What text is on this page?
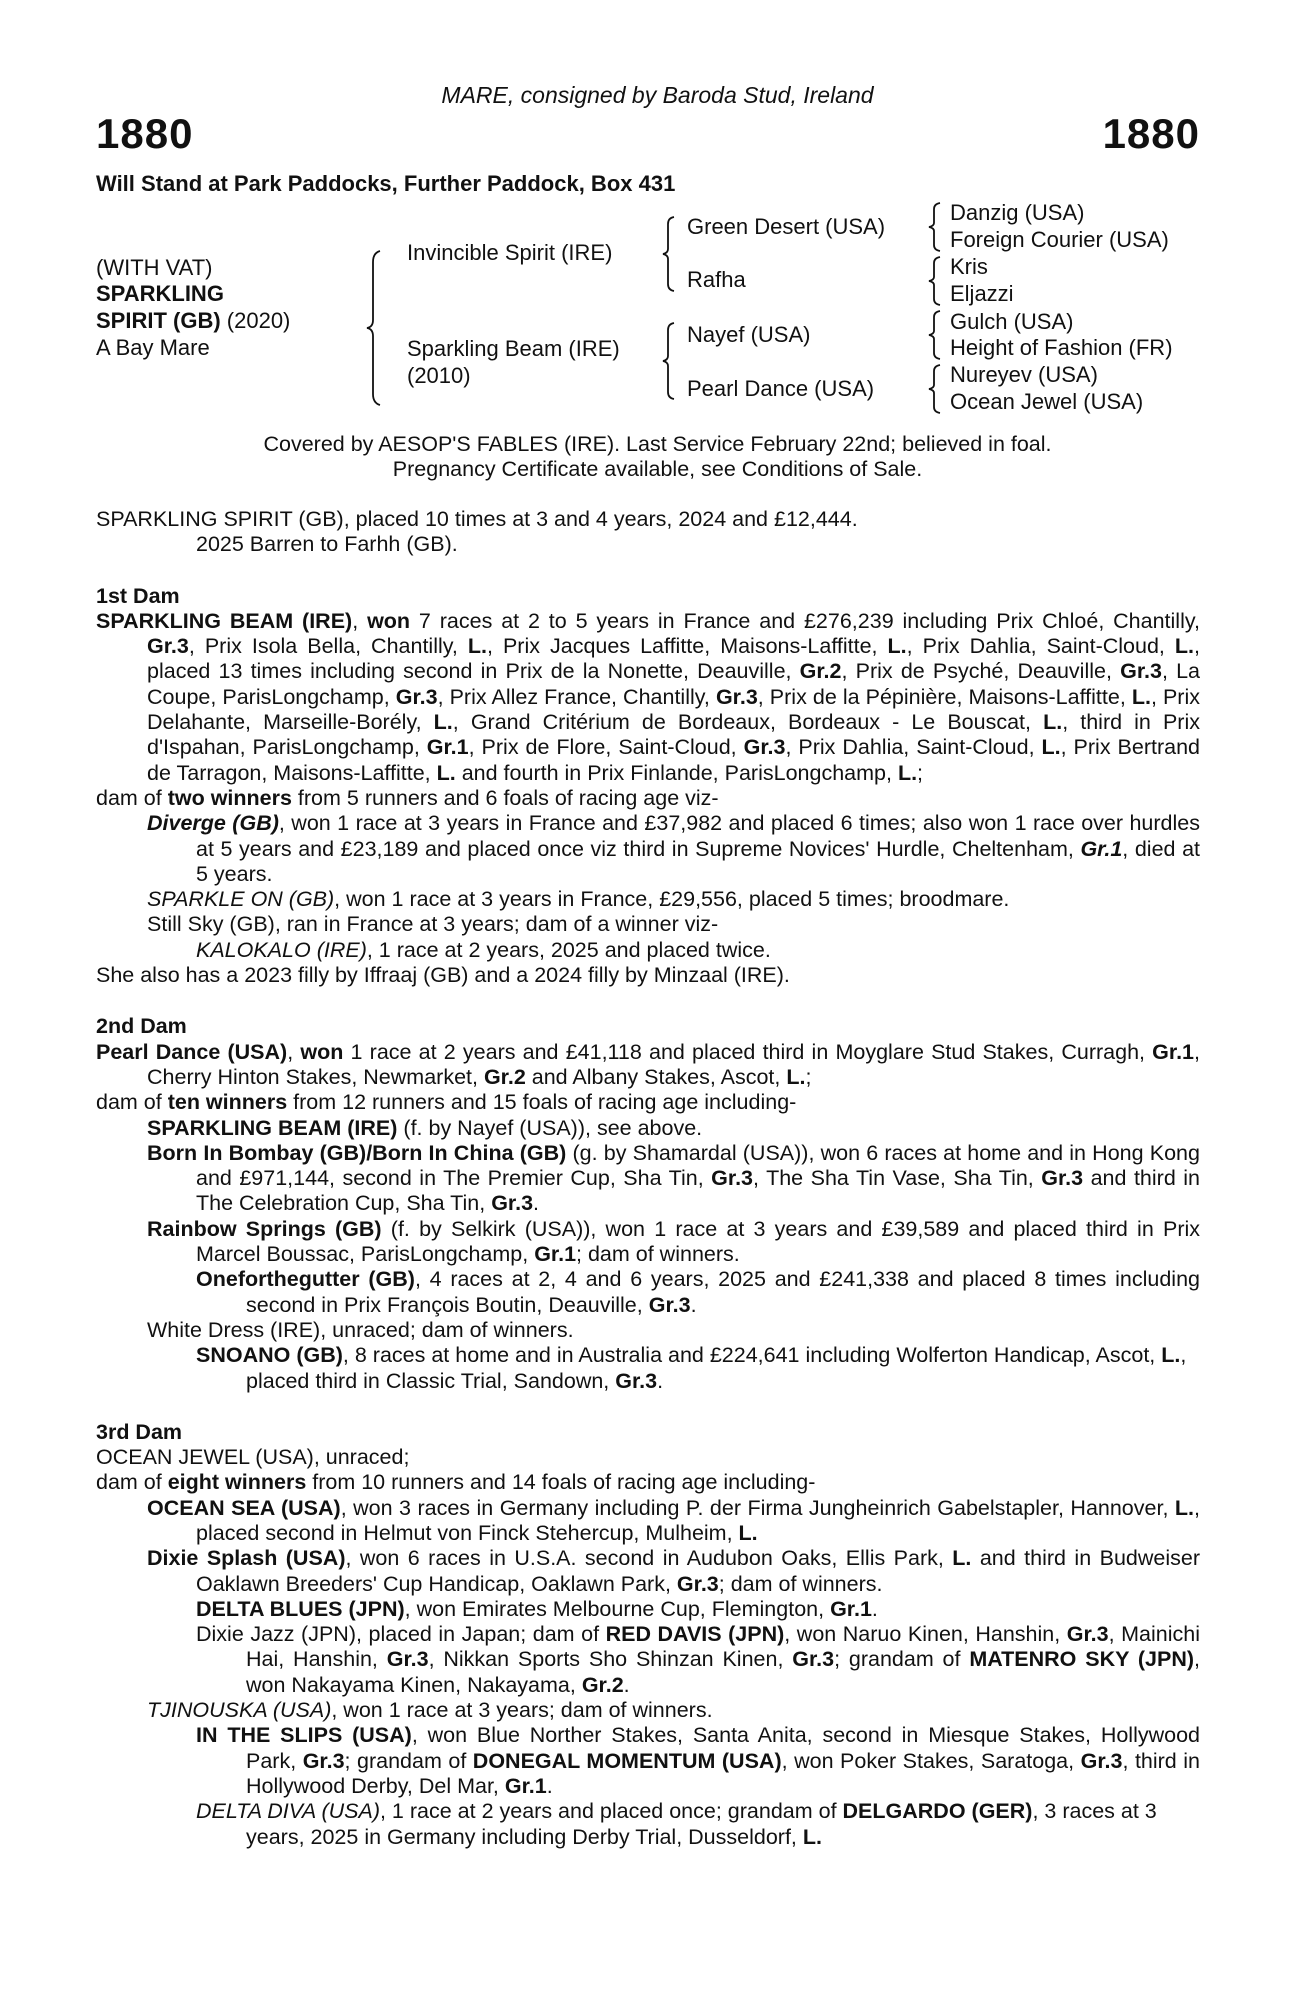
MARE, consigned by Baroda Stud, Ireland
1880	1880
Will Stand at Park Paddocks, Further Paddock, Box 431
(WITH VAT)
SPARKLING
SPIRIT (GB) (2020)
A Bay Mare
Invincible Spirit (IRE)
Sparkling Beam (IRE)
(2010)
Green Desert (USA)
Rafha
Nayef (USA)
Pearl Dance (USA)
Danzig (USA)
Foreign Courier (USA)
Kris
Eljazzi
Gulch (USA)
Height of Fashion (FR)
Nureyev (USA)
Ocean Jewel (USA)
Covered by AESOP'S FABLES (IRE). Last Service February 22nd; believed in foal.
Pregnancy Certificate available, see Conditions of Sale.
SPARKLING SPIRIT (GB), placed 10 times at 3 and 4 years, 2024 and £12,444.
2025 Barren to Farhh (GB).
1st Dam
SPARKLING BEAM (IRE), won 7 races at 2 to 5 years in France and £276,239 including Prix Chloé, Chantilly, Gr.3, Prix Isola Bella, Chantilly, L., Prix Jacques Laffitte, Maisons-Laffitte, L., Prix Dahlia, Saint-Cloud, L., placed 13 times including second in Prix de la Nonette, Deauville, Gr.2, Prix de Psyché, Deauville, Gr.3, La Coupe, ParisLongchamp, Gr.3, Prix Allez France, Chantilly, Gr.3, Prix de la Pépinière, Maisons-Laffitte, L., Prix Delahante, Marseille-Borély, L., Grand Critérium de Bordeaux, Bordeaux - Le Bouscat, L., third in Prix d'Ispahan, ParisLongchamp, Gr.1, Prix de Flore, Saint-Cloud, Gr.3, Prix Dahlia, Saint-Cloud, L., Prix Bertrand de Tarragon, Maisons-Laffitte, L. and fourth in Prix Finlande, ParisLongchamp, L.;
dam of two winners from 5 runners and 6 foals of racing age viz-
Diverge (GB), won 1 race at 3 years in France and £37,982 and placed 6 times; also won 1 race over hurdles at 5 years and £23,189 and placed once viz third in Supreme Novices' Hurdle, Cheltenham, Gr.1, died at 5 years.
SPARKLE ON (GB), won 1 race at 3 years in France, £29,556, placed 5 times; broodmare.
Still Sky (GB), ran in France at 3 years; dam of a winner viz-
KALOKALO (IRE), 1 race at 2 years, 2025 and placed twice.
She also has a 2023 filly by Iffraaj (GB) and a 2024 filly by Minzaal (IRE).
2nd Dam
Pearl Dance (USA), won 1 race at 2 years and £41,118 and placed third in Moyglare Stud Stakes, Curragh, Gr.1, Cherry Hinton Stakes, Newmarket, Gr.2 and Albany Stakes, Ascot, L.;
dam of ten winners from 12 runners and 15 foals of racing age including-
SPARKLING BEAM (IRE) (f. by Nayef (USA)), see above.
Born In Bombay (GB)/Born In China (GB) (g. by Shamardal (USA)), won 6 races at home and in Hong Kong and £971,144, second in The Premier Cup, Sha Tin, Gr.3, The Sha Tin Vase, Sha Tin, Gr.3 and third in The Celebration Cup, Sha Tin, Gr.3.
Rainbow Springs (GB) (f. by Selkirk (USA)), won 1 race at 3 years and £39,589 and placed third in Prix Marcel Boussac, ParisLongchamp, Gr.1; dam of winners.
Oneforthegutter (GB), 4 races at 2, 4 and 6 years, 2025 and £241,338 and placed 8 times including second in Prix François Boutin, Deauville, Gr.3.
White Dress (IRE), unraced; dam of winners.
SNOANO (GB), 8 races at home and in Australia and £224,641 including Wolferton Handicap, Ascot, L., placed third in Classic Trial, Sandown, Gr.3.
3rd Dam
OCEAN JEWEL (USA), unraced;
dam of eight winners from 10 runners and 14 foals of racing age including-
OCEAN SEA (USA), won 3 races in Germany including P. der Firma Jungheinrich Gabelstapler, Hannover, L., placed second in Helmut von Finck Stehercup, Mulheim, L.
Dixie Splash (USA), won 6 races in U.S.A. second in Audubon Oaks, Ellis Park, L. and third in Budweiser Oaklawn Breeders' Cup Handicap, Oaklawn Park, Gr.3; dam of winners.
DELTA BLUES (JPN), won Emirates Melbourne Cup, Flemington, Gr.1.
Dixie Jazz (JPN), placed in Japan; dam of RED DAVIS (JPN), won Naruo Kinen, Hanshin, Gr.3, Mainichi Hai, Hanshin, Gr.3, Nikkan Sports Sho Shinzan Kinen, Gr.3; grandam of MATENRO SKY (JPN), won Nakayama Kinen, Nakayama, Gr.2.
TJINOUSKA (USA), won 1 race at 3 years; dam of winners.
IN THE SLIPS (USA), won Blue Norther Stakes, Santa Anita, second in Miesque Stakes, Hollywood Park, Gr.3; grandam of DONEGAL MOMENTUM (USA), won Poker Stakes, Saratoga, Gr.3, third in Hollywood Derby, Del Mar, Gr.1.
DELTA DIVA (USA), 1 race at 2 years and placed once; grandam of DELGARDO (GER), 3 races at 3 years, 2025 in Germany including Derby Trial, Dusseldorf, L.
